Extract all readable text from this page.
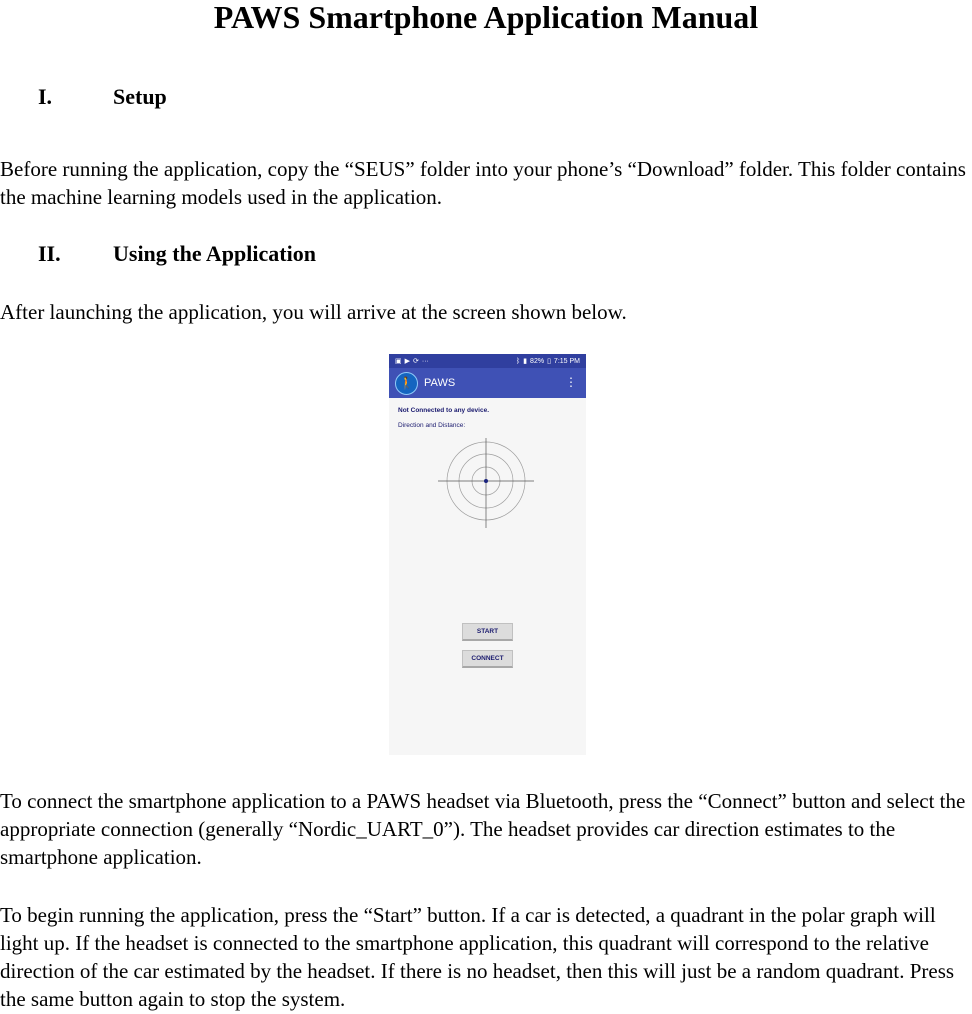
PAWS Smartphone Application Manual
I.	Setup

Before running the application, copy the “SEUS” folder into your phone’s “Download” folder. This folder contains the machine learning models used in the application.

II. Using the Application

After launching the application, you will arrive at the screen shown below.

▣ ▶ ⟳ ···	ᛒ ▮ 82% ▯ 7:15 PM
🚶 PAWS	⋮
Not Connected to any device.
Direction and Distance:
START
CONNECT

To connect the smartphone application to a PAWS headset via Bluetooth, press the “Connect” button and select the appropriate connection (generally “Nordic_UART_0”). The headset provides car direction estimates to the smartphone application.

To begin running the application, press the “Start” button. If a car is detected, a quadrant in the polar graph will light up. If the headset is connected to the smartphone application, this quadrant will correspond to the relative direction of the car estimated by the headset. If there is no headset, then this will just be a random quadrant. Press the same button again to stop the system.
